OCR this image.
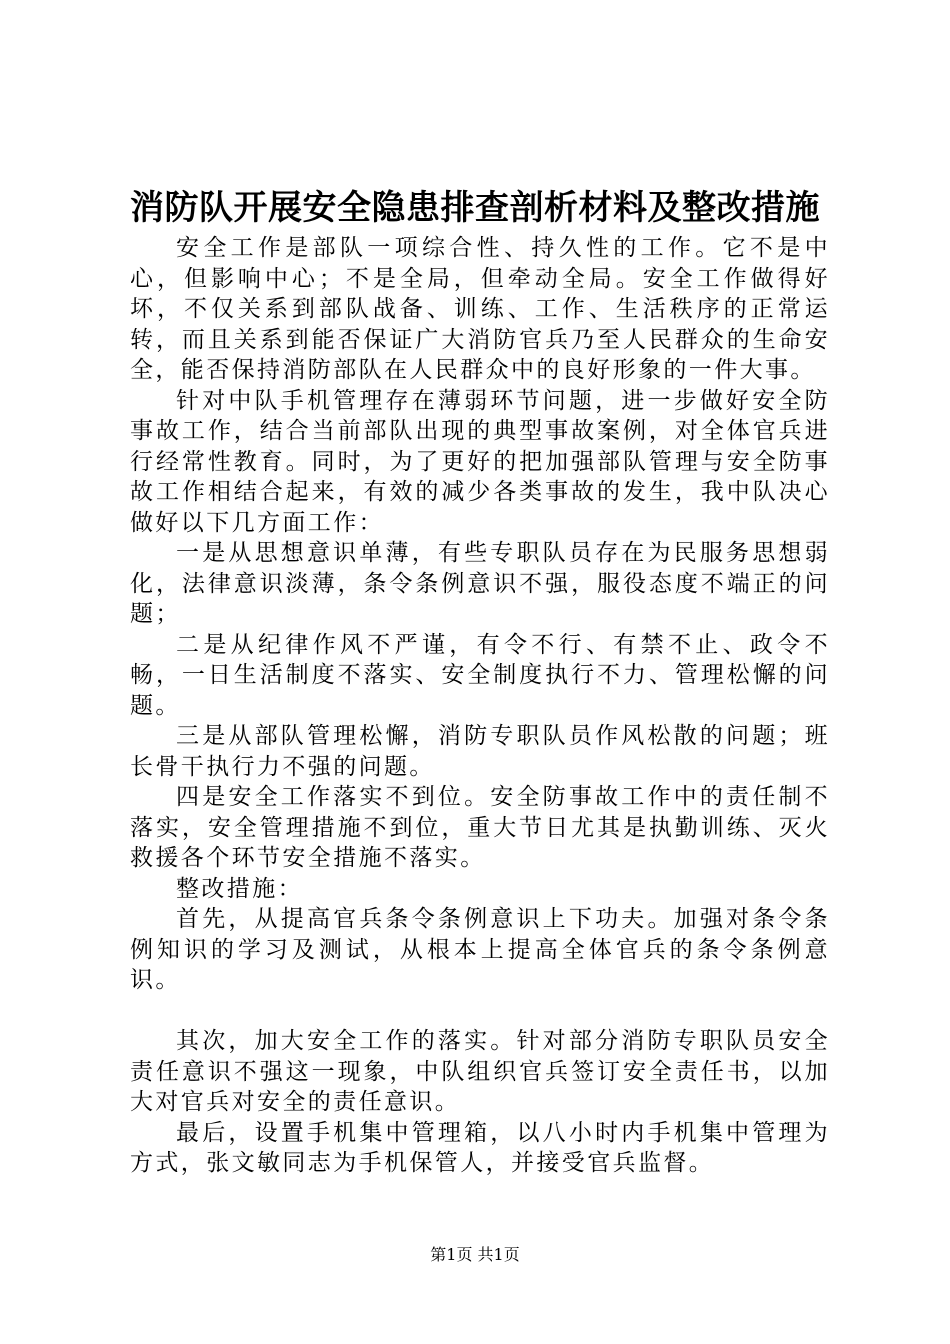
消防队开展安全隐患排查剖析材料及整改措施

安全工作是部队一项综合性、持久性的工作。它不是中心，但影响中心；不是全局，但牵动全局。安全工作做得好坏，不仅关系到部队战备、训练、工作、生活秩序的正常运转，而且关系到能否保证广大消防官兵乃至人民群众的生命安全，能否保持消防部队在人民群众中的良好形象的一件大事。

针对中队手机管理存在薄弱环节问题，进一步做好安全防事故工作，结合当前部队出现的典型事故案例，对全体官兵进行经常性教育。同时，为了更好的把加强部队管理与安全防事故工作相结合起来，有效的减少各类事故的发生，我中队决心做好以下几方面工作：

一是从思想意识单薄，有些专职队员存在为民服务思想弱化，法律意识淡薄，条令条例意识不强，服役态度不端正的问题；

二是从纪律作风不严谨，有令不行、有禁不止、政令不畅，一日生活制度不落实、安全制度执行不力、管理松懈的问题。

三是从部队管理松懈，消防专职队员作风松散的问题；班长骨干执行力不强的问题。

四是安全工作落实不到位。安全防事故工作中的责任制不落实，安全管理措施不到位，重大节日尤其是执勤训练、灭火救援各个环节安全措施不落实。

整改措施：

首先，从提高官兵条令条例意识上下功夫。加强对条令条例知识的学习及测试，从根本上提高全体官兵的条令条例意识。

其次，加大安全工作的落实。针对部分消防专职队员安全责任意识不强这一现象，中队组织官兵签订安全责任书，以加大对官兵对安全的责任意识。

最后，设置手机集中管理箱，以八小时内手机集中管理为方式，张文敏同志为手机保管人，并接受官兵监督。

第1页 共1页
